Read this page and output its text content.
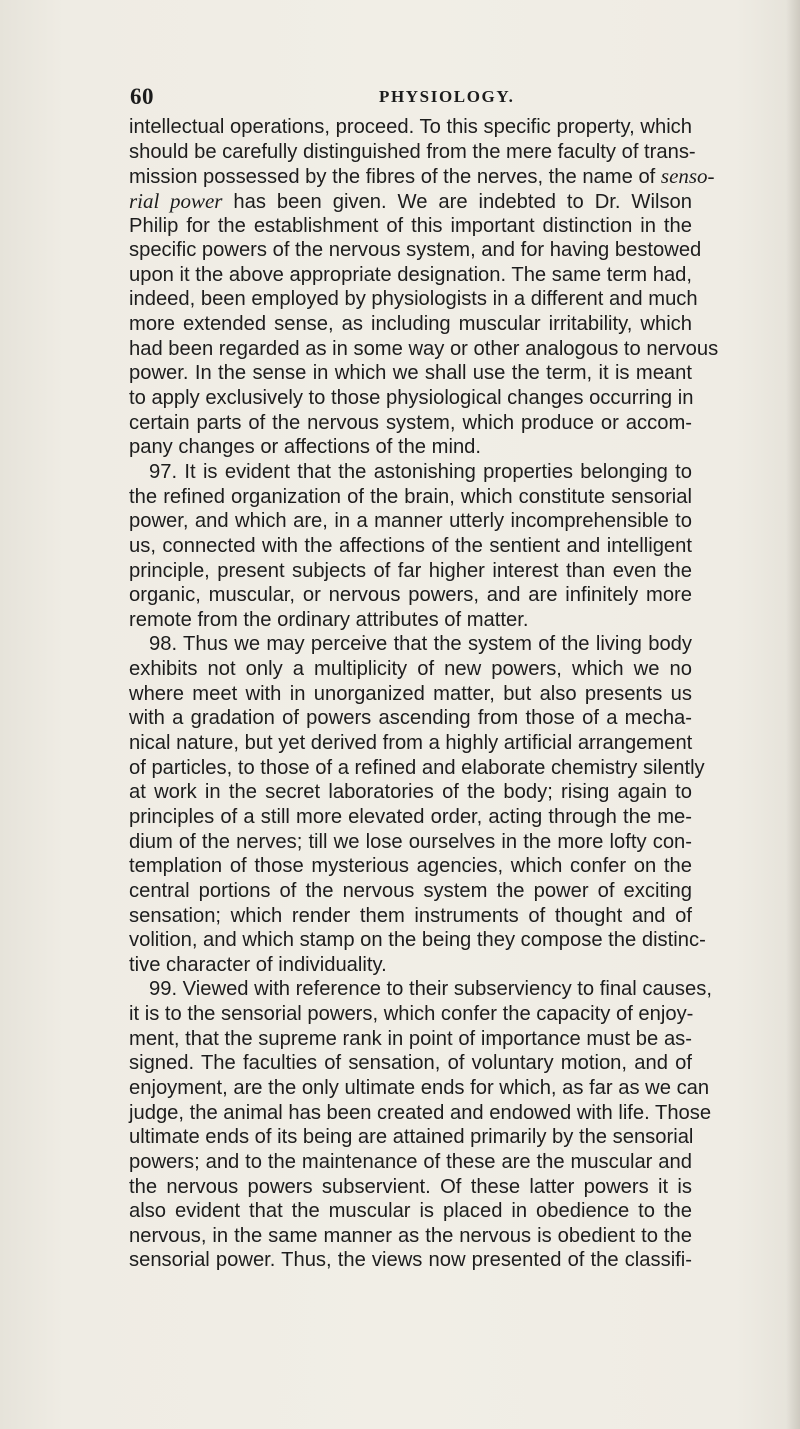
60	PHYSIOLOGY.
intellectual operations, proceed. To this specific property, which
should be carefully distinguished from the mere faculty of trans-
mission possessed by the fibres of the nerves, the name of senso-
rial power has been given. We are indebted to Dr. Wilson
Philip for the establishment of this important distinction in the
specific powers of the nervous system, and for having bestowed
upon it the above appropriate designation. The same term had,
indeed, been employed by physiologists in a different and much
more extended sense, as including muscular irritability, which
had been regarded as in some way or other analogous to nervous
power. In the sense in which we shall use the term, it is meant
to apply exclusively to those physiological changes occurring in
certain parts of the nervous system, which produce or accom-
pany changes or affections of the mind.
97. It is evident that the astonishing properties belonging to
the refined organization of the brain, which constitute sensorial
power, and which are, in a manner utterly incomprehensible to
us, connected with the affections of the sentient and intelligent
principle, present subjects of far higher interest than even the
organic, muscular, or nervous powers, and are infinitely more
remote from the ordinary attributes of matter.
98. Thus we may perceive that the system of the living body
exhibits not only a multiplicity of new powers, which we no
where meet with in unorganized matter, but also presents us
with a gradation of powers ascending from those of a mecha-
nical nature, but yet derived from a highly artificial arrangement
of particles, to those of a refined and elaborate chemistry silently
at work in the secret laboratories of the body; rising again to
principles of a still more elevated order, acting through the me-
dium of the nerves; till we lose ourselves in the more lofty con-
templation of those mysterious agencies, which confer on the
central portions of the nervous system the power of exciting
sensation; which render them instruments of thought and of
volition, and which stamp on the being they compose the distinc-
tive character of individuality.
99. Viewed with reference to their subserviency to final causes,
it is to the sensorial powers, which confer the capacity of enjoy-
ment, that the supreme rank in point of importance must be as-
signed. The faculties of sensation, of voluntary motion, and of
enjoyment, are the only ultimate ends for which, as far as we can
judge, the animal has been created and endowed with life. Those
ultimate ends of its being are attained primarily by the sensorial
powers; and to the maintenance of these are the muscular and
the nervous powers subservient. Of these latter powers it is
also evident that the muscular is placed in obedience to the
nervous, in the same manner as the nervous is obedient to the
sensorial power. Thus, the views now presented of the classifi-
